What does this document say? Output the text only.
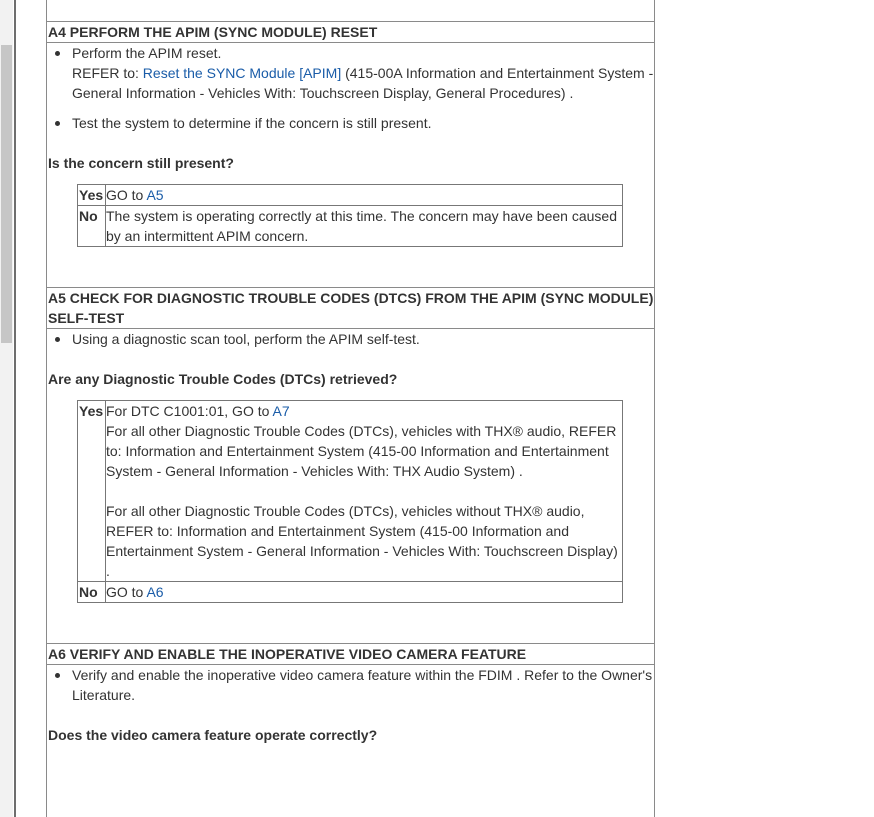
A4 PERFORM THE APIM (SYNC MODULE) RESET
Perform the APIM reset.
REFER to: Reset the SYNC Module [APIM] (415-00A Information and Entertainment System - General Information - Vehicles With: Touchscreen Display, General Procedures) .
Test the system to determine if the concern is still present.
Is the concern still present?
Yes	GO to A5
No	The system is operating correctly at this time. The concern may have been caused by an intermittent APIM concern.
A5 CHECK FOR DIAGNOSTIC TROUBLE CODES (DTCS) FROM THE APIM (SYNC MODULE) SELF-TEST
Using a diagnostic scan tool, perform the APIM self-test.
Are any Diagnostic Trouble Codes (DTCs) retrieved?
Yes	For DTC C1001:01, GO to A7
For all other Diagnostic Trouble Codes (DTCs), vehicles with THX® audio, REFER to: Information and Entertainment System (415-00 Information and Entertainment System - General Information - Vehicles With: THX Audio System) .
For all other Diagnostic Trouble Codes (DTCs), vehicles without THX® audio, REFER to: Information and Entertainment System (415-00 Information and Entertainment System - General Information - Vehicles With: Touchscreen Display) .
No	GO to A6
A6 VERIFY AND ENABLE THE INOPERATIVE VIDEO CAMERA FEATURE
Verify and enable the inoperative video camera feature within the FDIM . Refer to the Owner's Literature.
Does the video camera feature operate correctly?
